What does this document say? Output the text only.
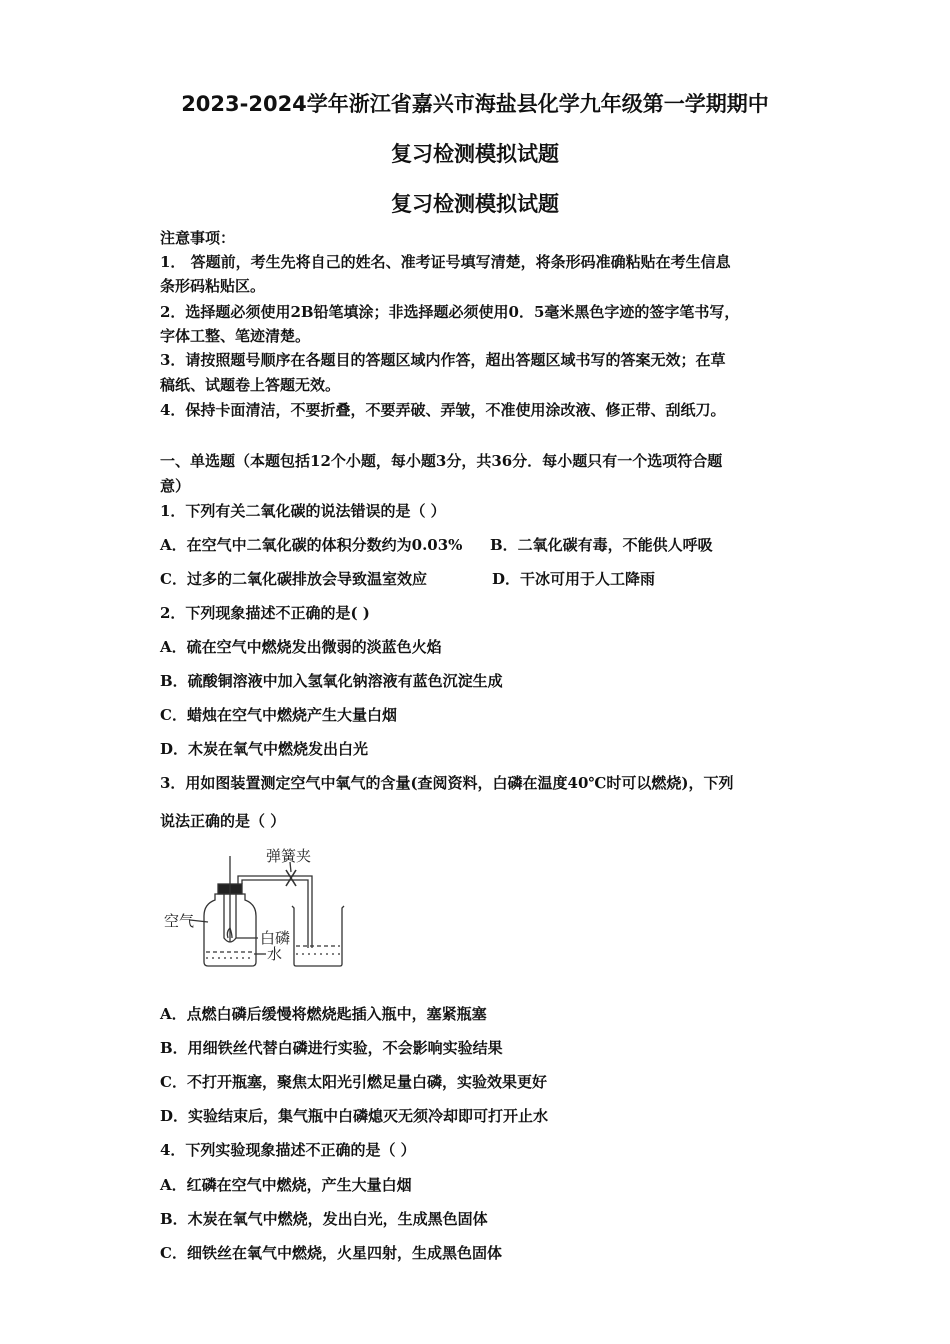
2023-2024学年浙江省嘉兴市海盐县化学九年级第一学期期中
复习检测模拟试题
复习检测模拟试题
注意事项：
1． 答题前，考生先将自己的姓名、准考证号填写清楚，将条形码准确粘贴在考生信息
条形码粘贴区。
2．选择题必须使用2B铅笔填涂；非选择题必须使用0．5毫米黑色字迹的签字笔书写，
字体工整、笔迹清楚。
3．请按照题号顺序在各题目的答题区域内作答，超出答题区域书写的答案无效；在草
稿纸、试题卷上答题无效。
4．保持卡面清洁，不要折叠，不要弄破、弄皱，不准使用涂改液、修正带、刮纸刀。
一、单选题（本题包括12个小题，每小题3分，共36分．每小题只有一个选项符合题
意）
1．下列有关二氧化碳的说法错误的是（ ）
A．在空气中二氧化碳的体积分数约为0.03% B．二氧化碳有毒，不能供人呼吸
C．过多的二氧化碳排放会导致温室效应	D．干冰可用于人工降雨
2．下列现象描述不正确的是( )
A．硫在空气中燃烧发出微弱的淡蓝色火焰
B．硫酸铜溶液中加入氢氧化钠溶液有蓝色沉淀生成
C．蜡烛在空气中燃烧产生大量白烟
D．木炭在氧气中燃烧发出白光
3．用如图装置测定空气中氧气的含量(查阅资料，白磷在温度40℃时可以燃烧)，下列
说法正确的是（ ）
弹簧夹
空气
白磷
水
A．点燃白磷后缓慢将燃烧匙插入瓶中，塞紧瓶塞
B．用细铁丝代替白磷进行实验，不会影响实验结果
C．不打开瓶塞，聚焦太阳光引燃足量白磷，实验效果更好
D．实验结束后，集气瓶中白磷熄灭无须冷却即可打开止水
4．下列实验现象描述不正确的是（ ）
A．红磷在空气中燃烧，产生大量白烟
B．木炭在氧气中燃烧，发出白光，生成黑色固体
C．细铁丝在氧气中燃烧，火星四射，生成黑色固体
